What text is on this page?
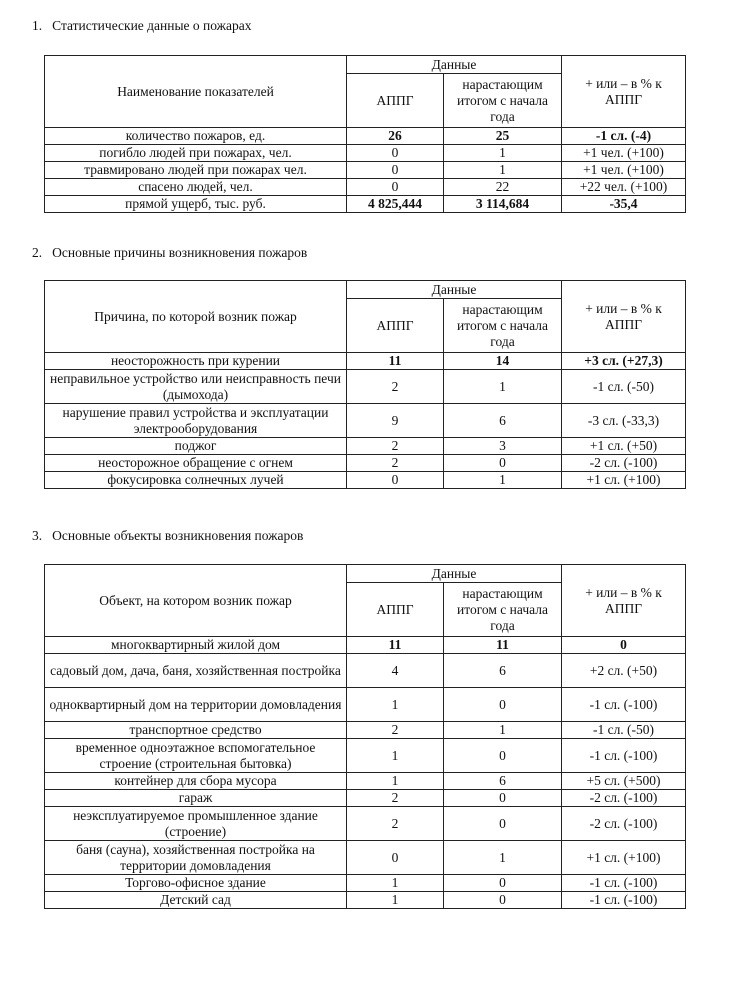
1. Статистические данные о пожарах
Наименование показателей	Данные		+ или – в % к АППГ
	АППГ	нарастающим итогом с начала года	
количество пожаров, ед.	26	25	-1 сл. (-4)
погибло людей при пожарах, чел.	0	1	+1 чел. (+100)
травмировано людей при пожарах чел.	0	1	+1 чел. (+100)
спасено людей, чел.	0	22	+22 чел. (+100)
прямой ущерб, тыс. руб.	4 825,444	3 114,684	-35,4
2. Основные причины возникновения пожаров
Причина, по которой возник пожар	Данные		+ или – в % к АППГ
	АППГ	нарастающим итогом с начала года	
неосторожность при курении	11	14	+3 сл. (+27,3)
неправильное устройство или неисправность печи (дымохода)	2	1	-1 сл. (-50)
нарушение правил устройства и эксплуатации электрооборудования	9	6	-3 сл. (-33,3)
поджог	2	3	+1 сл. (+50)
неосторожное обращение с огнем	2	0	-2 сл. (-100)
фокусировка солнечных лучей	0	1	+1 сл. (+100)
3. Основные объекты возникновения пожаров
Объект, на котором возник пожар	Данные		+ или – в % к АППГ
	АППГ	нарастающим итогом с начала года	
многоквартирный жилой дом	11	11	0
садовый дом, дача, баня, хозяйственная постройка	4	6	+2 сл. (+50)
одноквартирный дом на территории домовладения	1	0	-1 сл. (-100)
транспортное средство	2	1	-1 сл. (-50)
временное одноэтажное вспомогательное строение (строительная бытовка)	1	0	-1 сл. (-100)
контейнер для сбора мусора	1	6	+5 сл. (+500)
гараж	2	0	-2 сл. (-100)
неэксплуатируемое промышленное здание (строение)	2	0	-2 сл. (-100)
баня (сауна), хозяйственная постройка на территории домовладения	0	1	+1 сл. (+100)
Торгово-офисное здание	1	0	-1 сл. (-100)
Детский сад	1	0	-1 сл. (-100)
